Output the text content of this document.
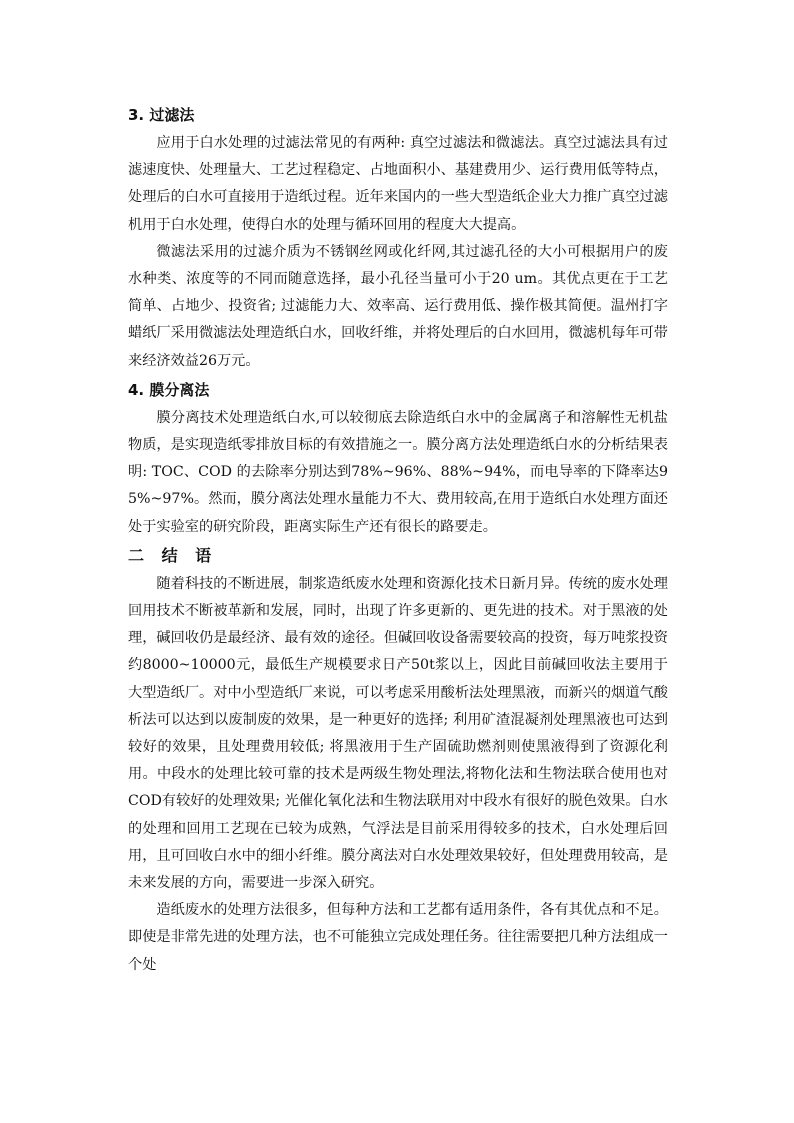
3. 过滤法

应用于白水处理的过滤法常见的有两种: 真空过滤法和微滤法。真空过滤法具有过滤速度快、处理量大、工艺过程稳定、占地面积小、基建费用少、运行费用低等特点，处理后的白水可直接用于造纸过程。近年来国内的一些大型造纸企业大力推广真空过滤机用于白水处理，使得白水的处理与循环回用的程度大大提高。

微滤法采用的过滤介质为不锈钢丝网或化纤网,其过滤孔径的大小可根据用户的废水种类、浓度等的不同而随意选择，最小孔径当量可小于20 um。其优点更在于工艺简单、占地少、投资省; 过滤能力大、效率高、运行费用低、操作极其简便。温州打字蜡纸厂采用微滤法处理造纸白水，回收纤维，并将处理后的白水回用，微滤机每年可带来经济效益26万元。

4. 膜分离法

膜分离技术处理造纸白水,可以较彻底去除造纸白水中的金属离子和溶解性无机盐物质，是实现造纸零排放目标的有效措施之一。膜分离方法处理造纸白水的分析结果表明: TOC、COD 的去除率分别达到78%~96%、88%~94%，而电导率的下降率达95%~97%。然而，膜分离法处理水量能力不大、费用较高,在用于造纸白水处理方面还处于实验室的研究阶段，距离实际生产还有很长的路要走。

二 结 语

随着科技的不断进展，制浆造纸废水处理和资源化技术日新月异。传统的废水处理回用技术不断被革新和发展，同时，出现了许多更新的、更先进的技术。对于黑液的处理，碱回收仍是最经济、最有效的途径。但碱回收设备需要较高的投资，每万吨浆投资约8000~10000元，最低生产规模要求日产50t浆以上，因此目前碱回收法主要用于大型造纸厂。对中小型造纸厂来说，可以考虑采用酸析法处理黑液，而新兴的烟道气酸析法可以达到以废制废的效果，是一种更好的选择; 利用矿渣混凝剂处理黑液也可达到较好的效果，且处理费用较低; 将黑液用于生产固硫助燃剂则使黑液得到了资源化利用。中段水的处理比较可靠的技术是两级生物处理法,将物化法和生物法联合使用也对COD有较好的处理效果; 光催化氧化法和生物法联用对中段水有很好的脱色效果。白水的处理和回用工艺现在已较为成熟，气浮法是目前采用得较多的技术，白水处理后回用，且可回收白水中的细小纤维。膜分离法对白水处理效果较好，但处理费用较高，是未来发展的方向，需要进一步深入研究。

造纸废水的处理方法很多，但每种方法和工艺都有适用条件，各有其优点和不足。即使是非常先进的处理方法，也不可能独立完成处理任务。往往需要把几种方法组成一个处
